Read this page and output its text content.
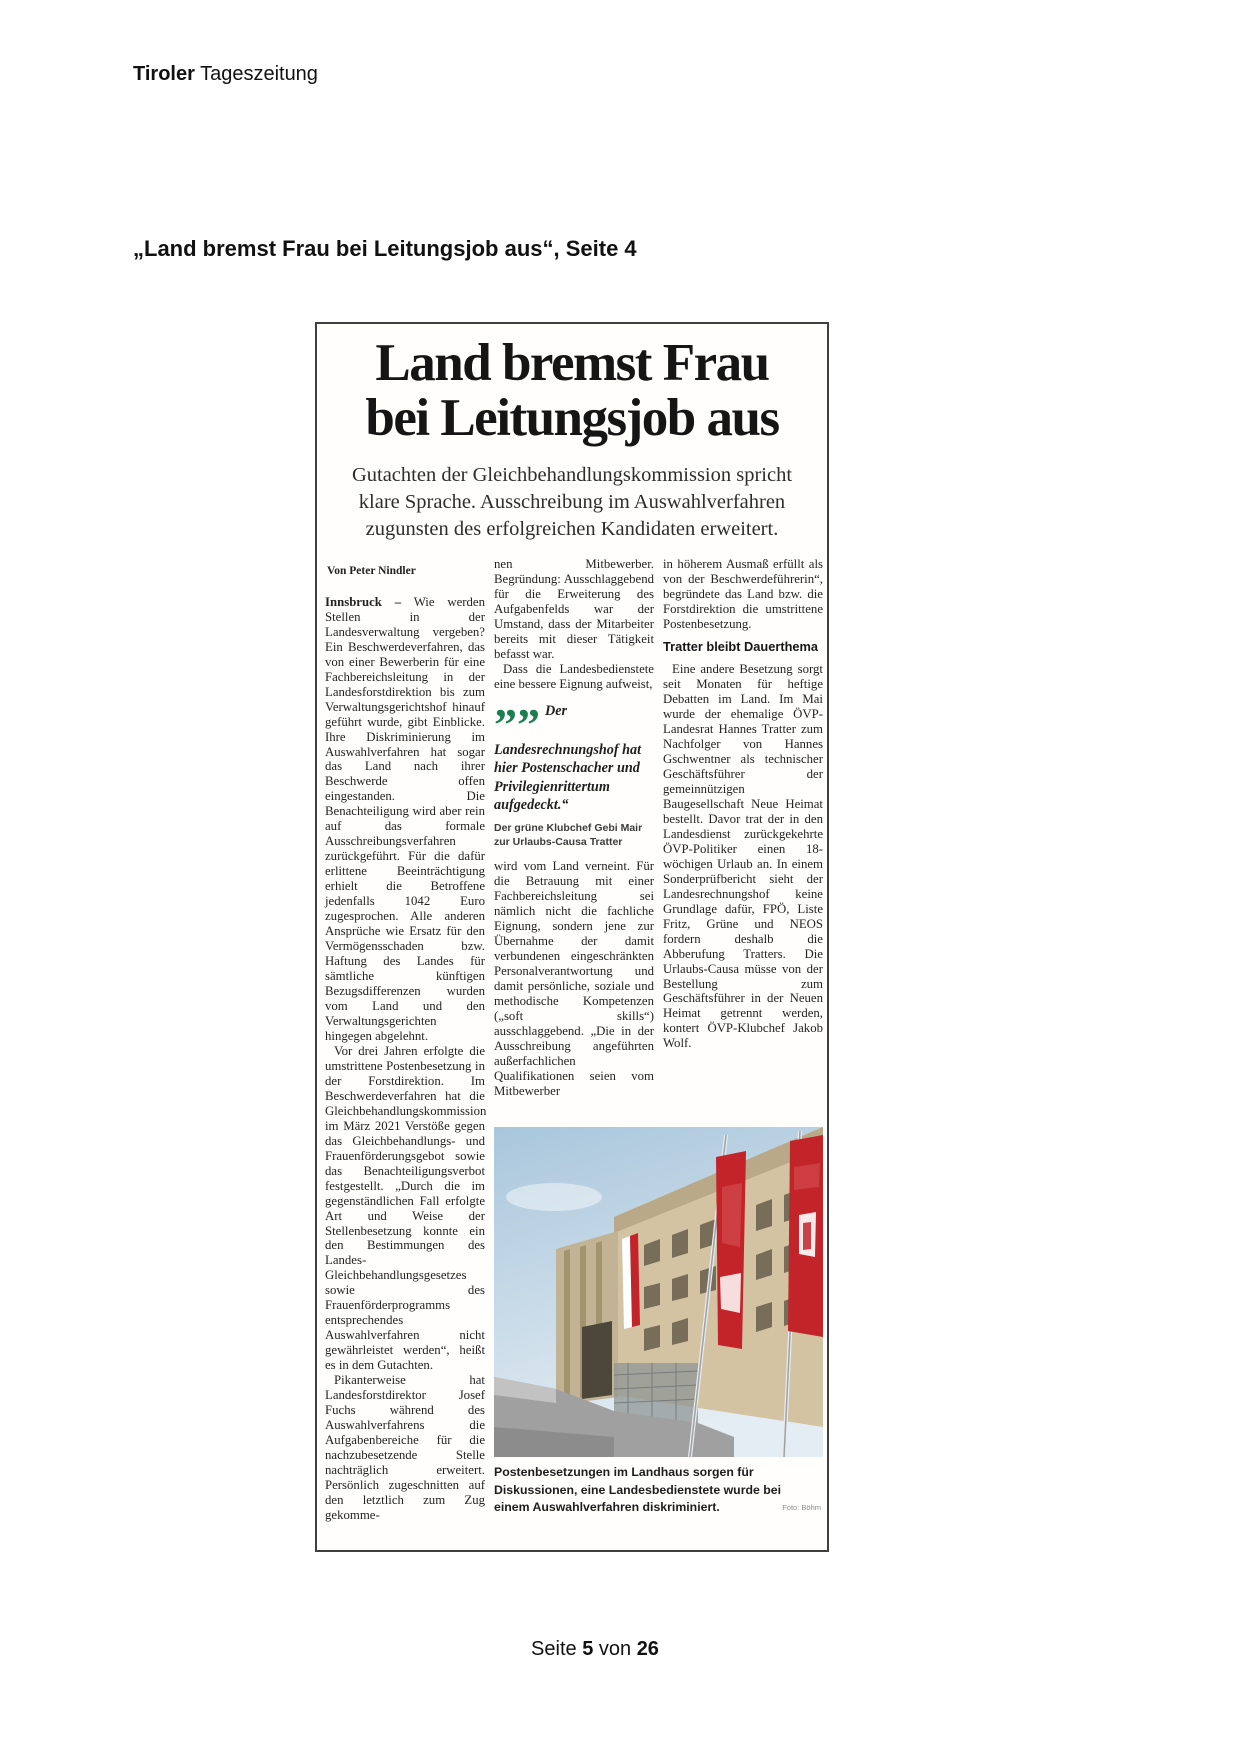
Tiroler Tageszeitung
„Land bremst Frau bei Leitungsjob aus“, Seite 4
Land bremst Frau
bei Leitungsjob aus
Gutachten der Gleichbehandlungskommission spricht klare Sprache. Ausschreibung im Auswahlverfahren zugunsten des erfolgreichen Kandidaten erweitert.
Von Peter Nindler

Innsbruck – Wie werden Stellen in der Landesverwaltung vergeben? Ein Beschwerdeverfahren, das von einer Bewerberin für eine Fachbereichsleitung in der Landesforstdirektion bis zum Verwaltungsgerichtshof hinauf geführt wurde, gibt Einblicke. Ihre Diskriminierung im Auswahlverfahren hat sogar das Land nach ihrer Beschwerde offen eingestanden. Die Benachteiligung wird aber rein auf das formale Ausschreibungsverfahren zurückgeführt. Für die dafür erlittene Beeinträchtigung erhielt die Betroffene jedenfalls 1042 Euro zugesprochen. Alle anderen Ansprüche wie Ersatz für den Vermögensschaden bzw. Haftung des Landes für sämtliche künftigen Bezugsdifferenzen wurden vom Land und den Verwaltungsgerichten hingegen abgelehnt.

Vor drei Jahren erfolgte die umstrittene Postenbesetzung in der Forstdirektion. Im Beschwerdeverfahren hat die Gleichbehandlungskommission im März 2021 Verstöße gegen das Gleichbehandlungs- und Frauenförderungsgebot sowie das Benachteiligungsverbot festgestellt. „Durch die im gegenständlichen Fall erfolgte Art und Weise der Stellenbesetzung konnte ein den Bestimmungen des Landes-Gleichbehandlungsgesetzes sowie des Frauenförderprogramms entsprechendes Auswahlverfahren nicht gewährleistet werden“, heißt es in dem Gutachten.

Pikanterweise hat Landesforstdirektor Josef Fuchs während des Auswahlverfahrens die Aufgabenbereiche für die nachzubesetzende Stelle nachträglich erweitert. Persönlich zugeschnitten auf den letztlich zum Zug gekomme-

nen Mitbewerber. Begründung: Ausschlaggebend für die Erweiterung des Aufgabenfelds war der Umstand, dass der Mitarbeiter bereits mit dieser Tätigkeit befasst war.

Dass die Landesbedienstete eine bessere Eignung aufweist,

”” Der Landesrechnungshof hat hier Postenschacher und Privilegienrittertum aufgedeckt.“
Der grüne Klubchef Gebi Mair
zur Urlaubs-Causa Tratter

wird vom Land verneint. Für die Betrauung mit einer Fachbereichsleitung sei nämlich nicht die fachliche Eignung, sondern jene zur Übernahme der damit verbundenen eingeschränkten Personalverantwortung und damit persönliche, soziale und methodische Kompetenzen („soft skills“) ausschlaggebend. „Die in der Ausschreibung angeführten außerfachlichen Qualifikationen seien vom Mitbewerber

in höherem Ausmaß erfüllt als von der Beschwerdeführerin“, begründete das Land bzw. die Forstdirektion die umstrittene Postenbesetzung.

Tratter bleibt Dauerthema

Eine andere Besetzung sorgt seit Monaten für heftige Debatten im Land. Im Mai wurde der ehemalige ÖVP-Landesrat Hannes Tratter zum Nachfolger von Hannes Gschwentner als technischer Geschäftsführer der gemeinnützigen Baugesellschaft Neue Heimat bestellt. Davor trat der in den Landesdienst zurückgekehrte ÖVP-Politiker einen 18-wöchigen Urlaub an. In einem Sonderprüfbericht sieht der Landesrechnungshof keine Grundlage dafür, FPÖ, Liste Fritz, Grüne und NEOS fordern deshalb die Abberufung Tratters. Die Urlaubs-Causa müsse von der Bestellung zum Geschäftsführer in der Neuen Heimat getrennt werden, kontert ÖVP-Klubchef Jakob Wolf.

Postenbesetzungen im Landhaus sorgen für Diskussionen, eine Landesbedienstete wurde bei einem Auswahlverfahren diskriminiert.	Foto: Böhm
Seite 5 von 26
